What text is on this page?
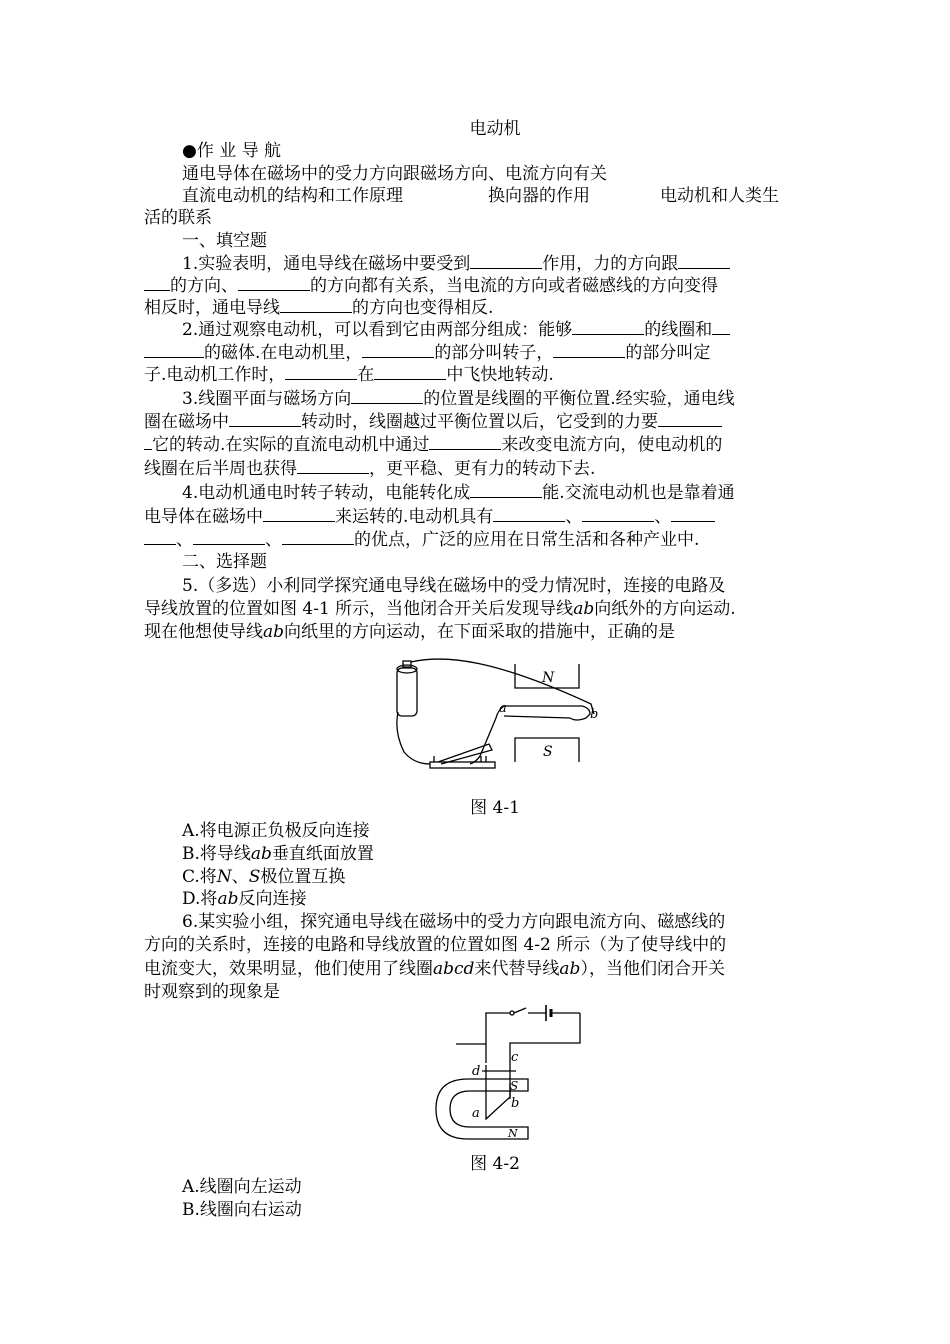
电动机
●作 业 导 航
通电导体在磁场中的受力方向跟磁场方向、电流方向有关
直流电动机的结构和工作原理	换向器的作用	电动机和人类生
活的联系
一、填空题
1.实验表明，通电导线在磁场中要受到	作用，力的方向跟
的方向、	的方向都有关系，当电流的方向或者磁感线的方向变得
相反时，通电导线	的方向也变得相反.
2.通过观察电动机，可以看到它由两部分组成：能够	的线圈和
的磁体.在电动机里，	的部分叫转子，	的部分叫定
子.电动机工作时，	在	中飞快地转动.
3.线圈平面与磁场方向	的位置是线圈的平衡位置.经实验，通电线
圈在磁场中	转动时，线圈越过平衡位置以后，它受到的力要
它的转动.在实际的直流电动机中通过	来改变电流方向，使电动机的
线圈在后半周也获得	，更平稳、更有力的转动下去.
4.电动机通电时转子转动，电能转化成	能.交流电动机也是靠着通
电导体在磁场中	来运转的.电动机具有	、	、
、	、	的优点，广泛的应用在日常生活和各种产业中.
二、选择题
5.（多选）小利同学探究通电导线在磁场中的受力情况时，连接的电路及
导线放置的位置如图 4-1 所示，当他闭合开关后发现导线ab向纸外的方向运动.
现在他想使导线ab向纸里的方向运动，在下面采取的措施中，正确的是
N
S
a	b
图 4-1
A.将电源正负极反向连接
B.将导线ab垂直纸面放置
C.将N、S极位置互换
D.将ab反向连接
6.某实验小组，探究通电导线在磁场中的受力方向跟电流方向、磁感线的
方向的关系时，连接的电路和导线放置的位置如图 4-2 所示（为了使导线中的
电流变大，效果明显，他们使用了线圈abcd来代替导线ab），当他们闭合开关
时观察到的现象是
d
c
S
b
a
N
图 4-2
A.线圈向左运动
B.线圈向右运动
